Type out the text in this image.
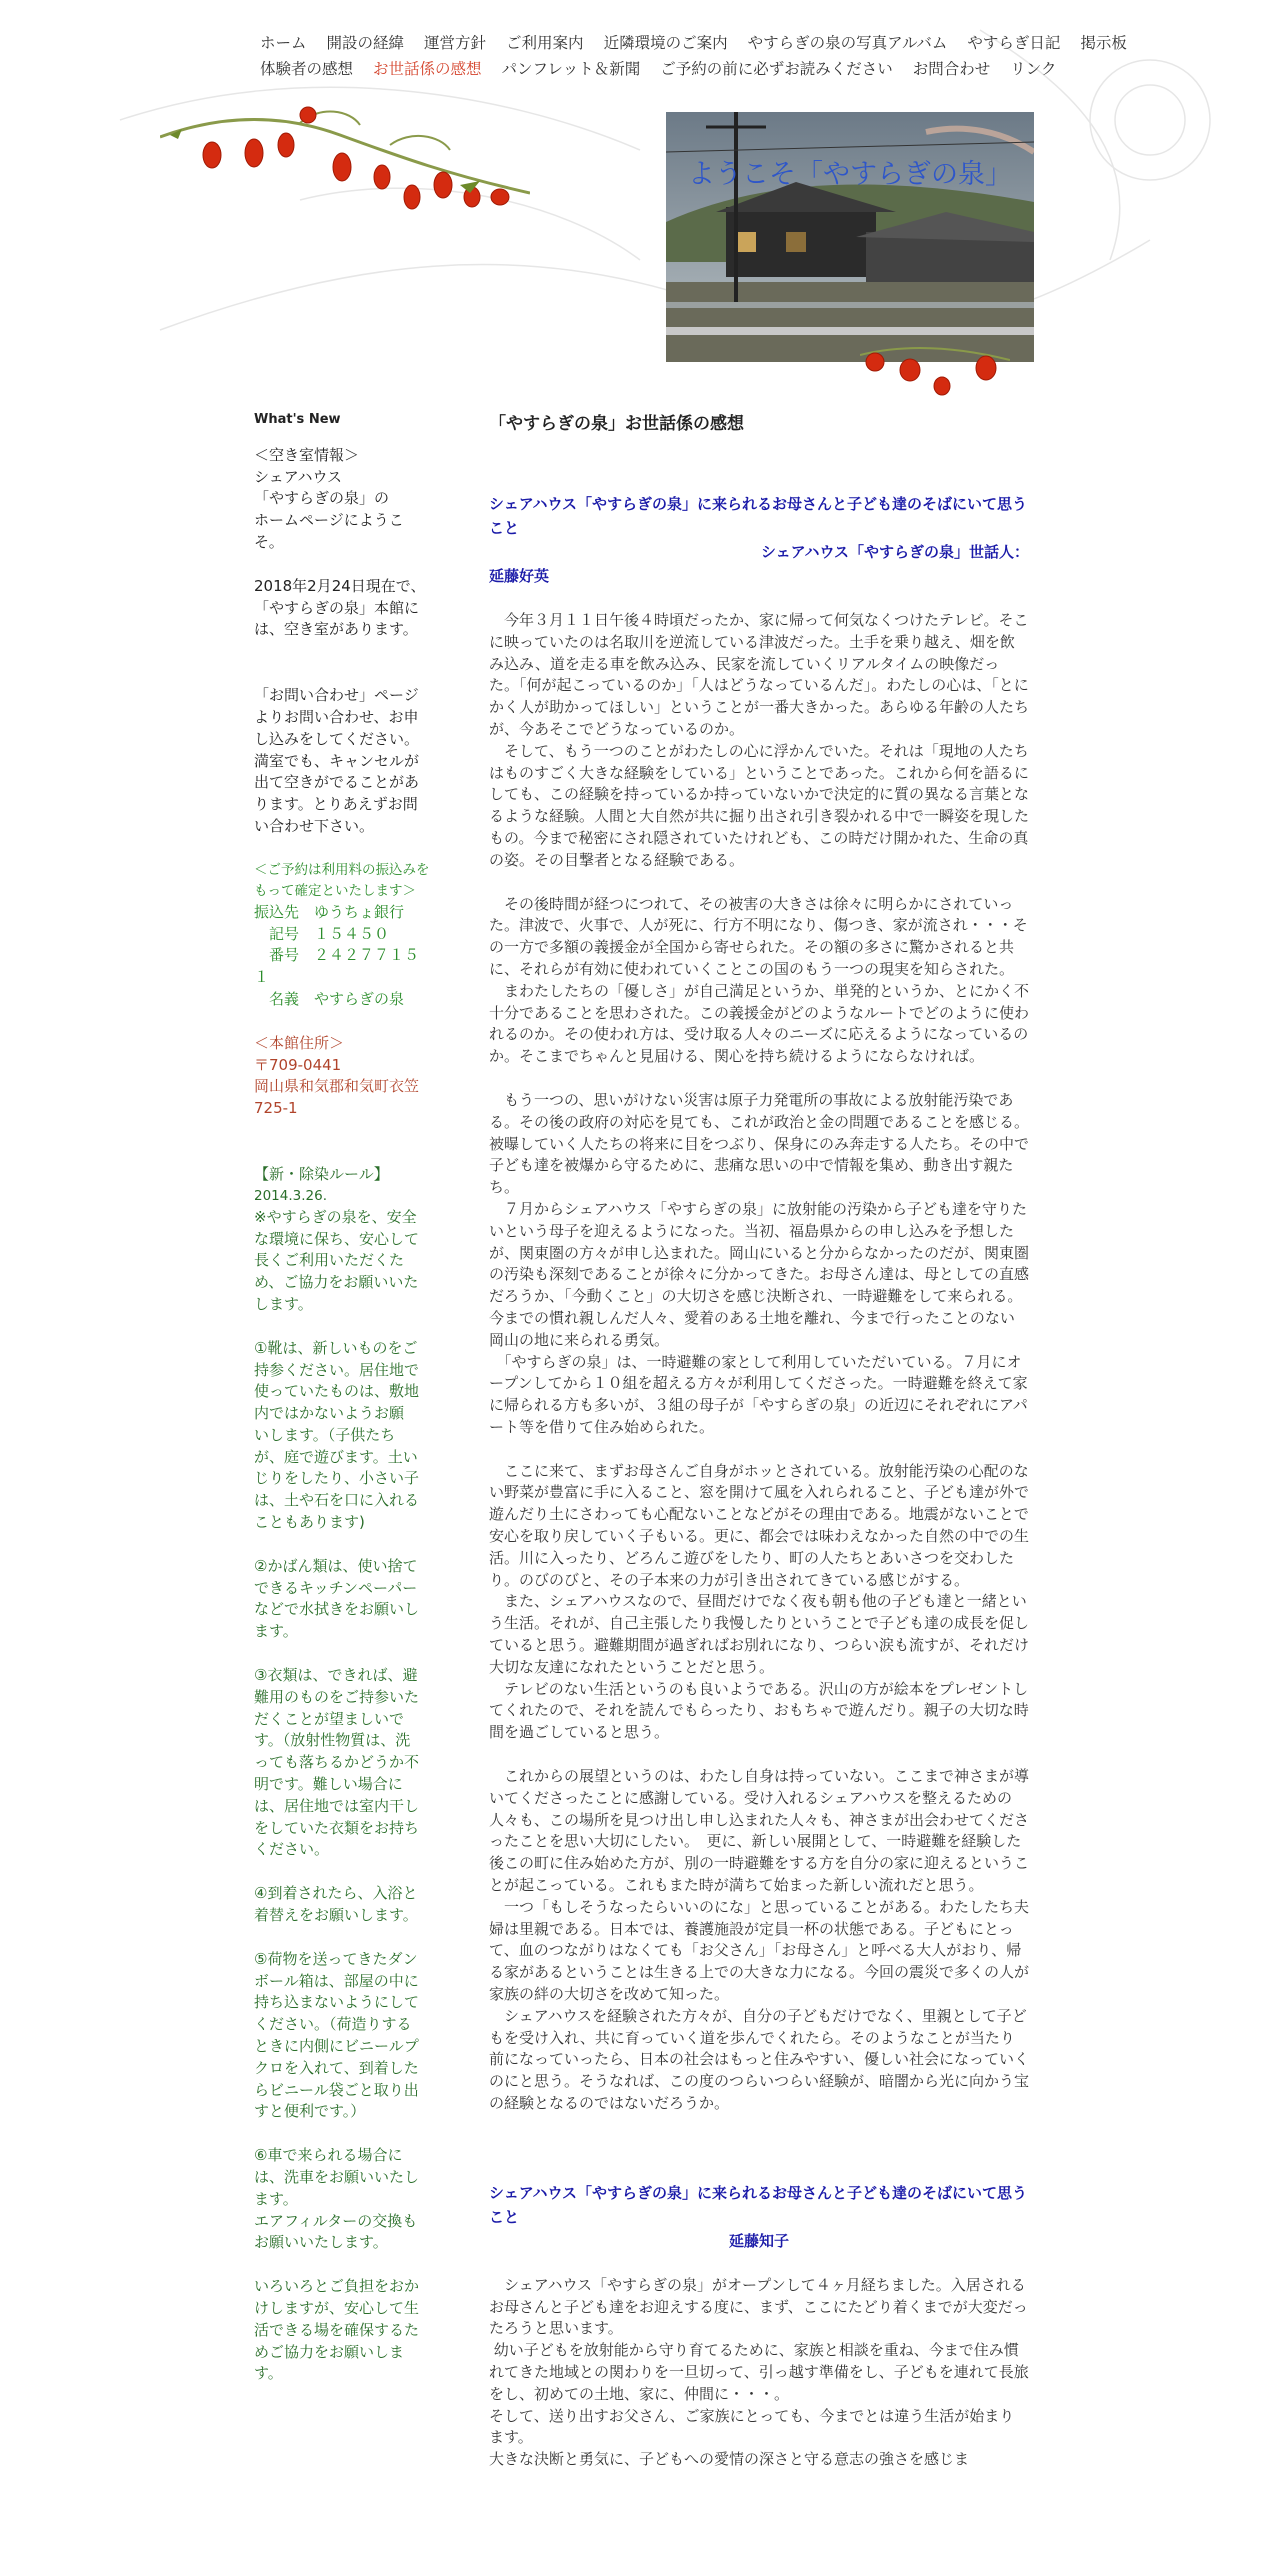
ホーム 開設の経緯 運営方針 ご利用案内 近隣環境のご案内 やすらぎの泉の写真アルバム やすらぎ日記 掲示板
体験者の感想 お世話係の感想 パンフレット＆新聞 ご予約の前に必ずお読みください お問合わせ リンク
ようこそ「やすらぎの泉」
What's New
＜空き室情報＞
シェアハウス
「やすらぎの泉」の
ホームページにようこ
そ。
2018年2月24日現在で、
「やすらぎの泉」本館に
は、空き室があります。
「お問い合わせ」ページ
よりお問い合わせ、お申
し込みをしてください。
満室でも、キャンセルが
出て空きがでることがあ
ります。とりあえずお問
い合わせ下さい。
＜ご予約は利用料の振込みを
もって確定といたします＞
振込先　ゆうちょ銀行
　記号　１５４５０
　番号　２４２７７１５
１
　名義　やすらぎの泉
＜本館住所＞
〒709-0441
岡山県和気郡和気町衣笠
725-1
【新・除染ルール】
2014.3.26.
※やすらぎの泉を、安全
な環境に保ち、安心して
長くご利用いただくた
め、ご協力をお願いいた
します。
①靴は、新しいものをご
持参ください。居住地で
使っていたものは、敷地
内ではかないようお願
いします。（子供たち
が、庭で遊びます。土い
じりをしたり、小さい子
は、土や石を口に入れる
こともあります)
②かばん類は、使い捨て
できるキッチンペーパー
などで水拭きをお願いし
ます。
③衣類は、できれば、避
難用のものをご持参いた
だくことが望ましいで
す。（放射性物質は、洗
っても落ちるかどうか不
明です。難しい場合に
は、居住地では室内干し
をしていた衣類をお持ち
ください。
④到着されたら、入浴と
着替えをお願いします。
⑤荷物を送ってきたダン
ボール箱は、部屋の中に
持ち込まないようにして
ください。（荷造りする
ときに内側にビニールプ
クロを入れて、到着した
らビニール袋ごと取り出
すと便利です。）
⑥車で来られる場合に
は、洗車をお願いいたし
ます。
エアフィルターの交換も
お願いいたします。
いろいろとご負担をおか
けしますが、安心して生
活できる場を確保するた
めご協力をお願いしま
す。
「やすらぎの泉」お世話係の感想
シェアハウス「やすらぎの泉」に来られるお母さんと子ども達のそばにいて思うこと
シェアハウス「やすらぎの泉」世話人：
延藤好英

　今年３月１１日午後４時頃だったか、家に帰って何気なくつけたテレビ。そこに映っていたのは名取川を逆流している津波だった。土手を乗り越え、畑を飲み込み、道を走る車を飲み込み、民家を流していくリアルタイムの映像だった。「何が起こっているのか」「人はどうなっているんだ」。わたしの心は、「とにかく人が助かってほしい」ということが一番大きかった。あらゆる年齢の人たちが、今あそこでどうなっているのか。
　そして、もう一つのことがわたしの心に浮かんでいた。それは「現地の人たちはものすごく大きな経験をしている」ということであった。これから何を語るにしても、この経験を持っているか持っていないかで決定的に質の異なる言葉となるような経験。人間と大自然が共に掘り出され引き裂かれる中で一瞬姿を現したもの。今まで秘密にされ隠されていたけれども、この時だけ開かれた、生命の真の姿。その目撃者となる経験である。

　その後時間が経つにつれて、その被害の大きさは徐々に明らかにされていった。津波で、火事で、人が死に、行方不明になり、傷つき、家が流され・・・その一方で多額の義援金が全国から寄せられた。その額の多さに驚かされると共に、それらが有効に使われていくことこの国のもう一つの現実を知らされた。
　まわたしたちの「優しさ」が自己満足というか、単発的というか、とにかく不十分であることを思わされた。この義援金がどのようなルートでどのように使われるのか。その使われ方は、受け取る人々のニーズに応えるようになっているのか。そこまでちゃんと見届ける、関心を持ち続けるようにならなければ。

　もう一つの、思いがけない災害は原子力発電所の事故による放射能汚染である。その後の政府の対応を見ても、これが政治と金の問題であることを感じる。被曝していく人たちの将来に目をつぶり、保身にのみ奔走する人たち。その中で子ども達を被爆から守るために、悲痛な思いの中で情報を集め、動き出す親たち。
　７月からシェアハウス「やすらぎの泉」に放射能の汚染から子ども達を守りたいという母子を迎えるようになった。当初、福島県からの申し込みを予想したが、関東圏の方々が申し込まれた。岡山にいると分からなかったのだが、関東圏の汚染も深刻であることが徐々に分かってきた。お母さん達は、母としての直感だろうか、「今動くこと」の大切さを感じ決断され、一時避難をして来られる。今までの慣れ親しんだ人々、愛着のある土地を離れ、今まで行ったことのない岡山の地に来られる勇気。
　「やすらぎの泉」は、一時避難の家として利用していただいている。７月にオープンしてから１０組を超える方々が利用してくださった。一時避難を終えて家に帰られる方も多いが、３組の母子が「やすらぎの泉」の近辺にそれぞれにアパート等を借りて住み始められた。

　ここに来て、まずお母さんご自身がホッとされている。放射能汚染の心配のない野菜が豊富に手に入ること、窓を開けて風を入れられること、子ども達が外で遊んだり土にさわっても心配ないことなどがその理由である。地震がないことで安心を取り戻していく子もいる。更に、都会では味わえなかった自然の中での生活。川に入ったり、どろんこ遊びをしたり、町の人たちとあいさつを交わしたり。のびのびと、その子本来の力が引き出されてきている感じがする。
　また、シェアハウスなので、昼間だけでなく夜も朝も他の子ども達と一緒という生活。それが、自己主張したり我慢したりということで子ども達の成長を促していると思う。避難期間が過ぎればお別れになり、つらい涙も流すが、それだけ大切な友達になれたということだと思う。
　テレビのない生活というのも良いようである。沢山の方が絵本をプレゼントしてくれたので、それを読んでもらったり、おもちゃで遊んだり。親子の大切な時間を過ごしていると思う。

　これからの展望というのは、わたし自身は持っていない。ここまで神さまが導いてくださったことに感謝している。受け入れるシェアハウスを整えるための人々も、この場所を見つけ出し申し込まれた人々も、神さまが出会わせてくださったことを思い大切にしたい。　更に、新しい展開として、一時避難を経験した後この町に住み始めた方が、別の一時避難をする方を自分の家に迎えるということが起こっている。これもまた時が満ちて始まった新しい流れだと思う。
　一つ「もしそうなったらいいのにな」と思っていることがある。わたしたち夫婦は里親である。日本では、養護施設が定員一杯の状態である。子どもにとって、血のつながりはなくても「お父さん」「お母さん」と呼べる大人がおり、帰る家があるということは生きる上での大きな力になる。今回の震災で多くの人が家族の絆の大切さを改めて知った。
　シェアハウスを経験された方々が、自分の子どもだけでなく、里親として子どもを受け入れ、共に育っていく道を歩んでくれたら。そのようなことが当たり前になっていったら、日本の社会はもっと住みやすい、優しい社会になっていくのにと思う。そうなれば、この度のつらいつらい経験が、暗闇から光に向かう宝の経験となるのではないだろうか。

シェアハウス「やすらぎの泉」に来られるお母さんと子ども達のそばにいて思うこと
延藤知子

　シェアハウス「やすらぎの泉」がオープンして４ヶ月経ちました。入居されるお母さんと子ども達をお迎えする度に、まず、ここにたどり着くまでが大変だったろうと思います。
幼い子どもを放射能から守り育てるために、家族と相談を重ね、今まで住み慣れてきた地域との関わりを一旦切って、引っ越す準備をし、子どもを連れて長旅をし、初めての土地、家に、仲間に・・・。
そして、送り出すお父さん、ご家族にとっても、今までとは違う生活が始まります。
大きな決断と勇気に、子どもへの愛情の深さと守る意志の強さを感じま
